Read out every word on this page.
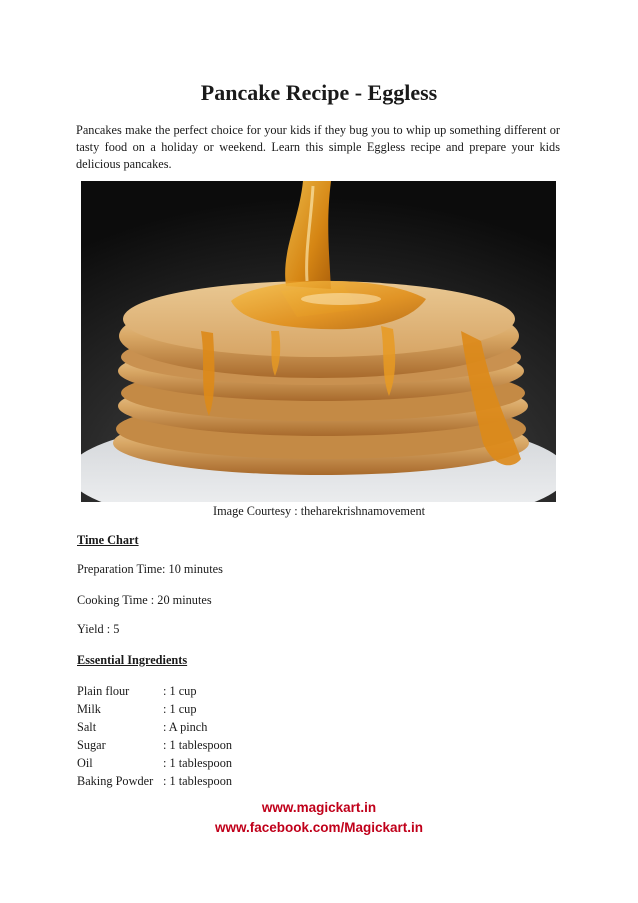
Pancake Recipe - Eggless

Pancakes make the perfect choice for your kids if they bug you to whip up something different or tasty food on a holiday or weekend. Learn this simple Eggless recipe and prepare your kids delicious pancakes.

Image Courtesy : theharekrishnamovement
Time Chart
Preparation Time: 10 minutes
Cooking Time : 20 minutes
Yield : 5
Essential Ingredients
Plain flour	: 1 cup
Milk	: 1 cup
Salt	: A pinch
Sugar	: 1 tablespoon
Oil	: 1 tablespoon
Baking Powder : 1 tablespoon
www.magickart.in
www.facebook.com/Magickart.in
